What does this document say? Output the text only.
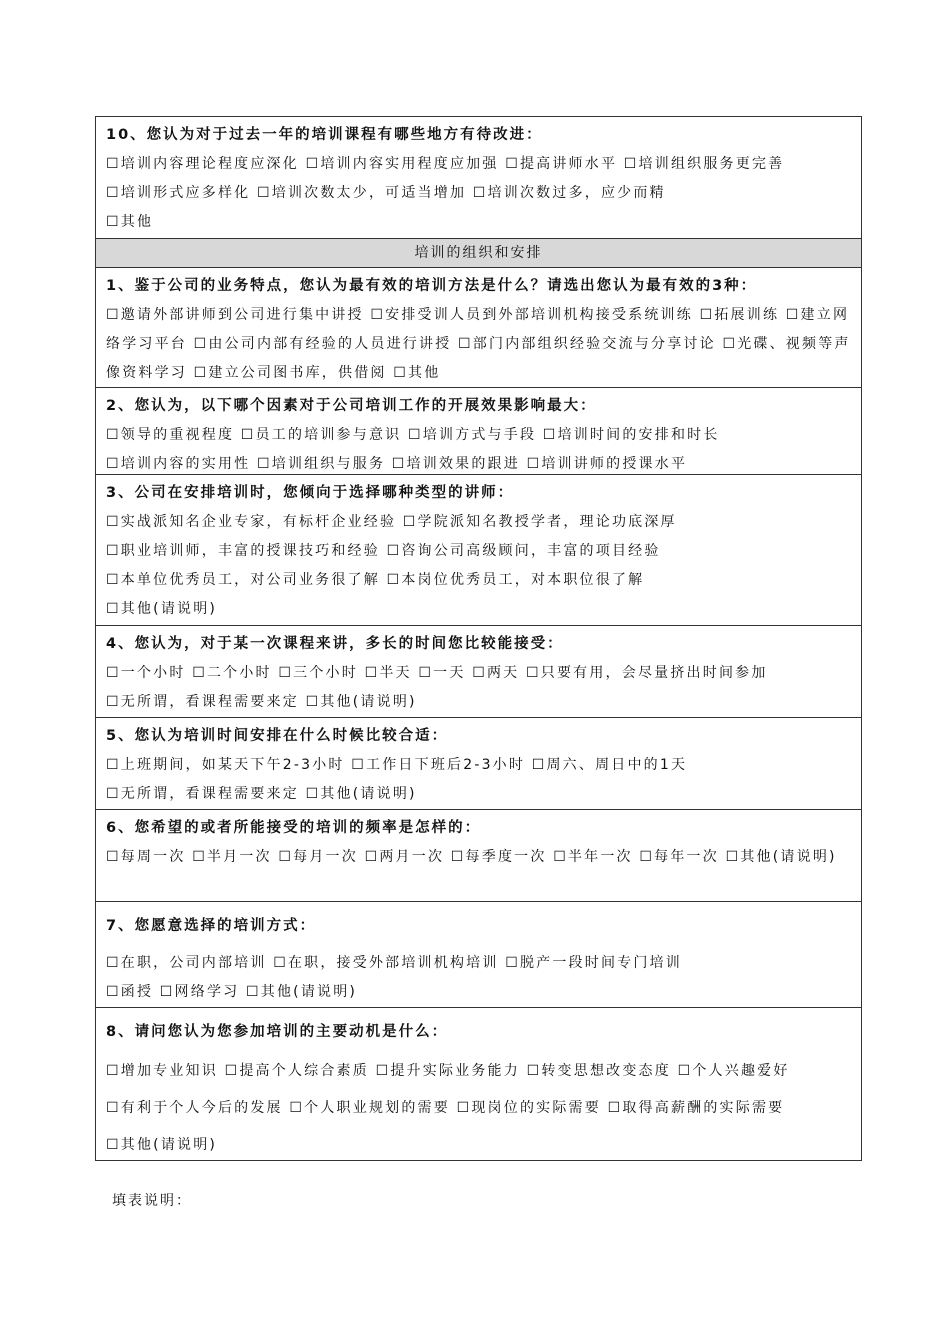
10、您认为对于过去一年的培训课程有哪些地方有待改进：
☐培训内容理论程度应深化 ☐培训内容实用程度应加强 ☐提高讲师水平 ☐培训组织服务更完善
☐培训形式应多样化 ☐培训次数太少，可适当增加 ☐培训次数过多，应少而精
☐其他
培训的组织和安排
1、鉴于公司的业务特点，您认为最有效的培训方法是什么？请选出您认为最有效的3种：
☐邀请外部讲师到公司进行集中讲授 ☐安排受训人员到外部培训机构接受系统训练 ☐拓展训练 ☐建立网络学习平台 ☐由公司内部有经验的人员进行讲授 ☐部门内部组织经验交流与分享讨论 ☐光碟、视频等声像资料学习 ☐建立公司图书库，供借阅 ☐其他
2、您认为，以下哪个因素对于公司培训工作的开展效果影响最大：
☐领导的重视程度 ☐员工的培训参与意识 ☐培训方式与手段 ☐培训时间的安排和时长
☐培训内容的实用性 ☐培训组织与服务 ☐培训效果的跟进 ☐培训讲师的授课水平
3、公司在安排培训时，您倾向于选择哪种类型的讲师：
☐实战派知名企业专家，有标杆企业经验 ☐学院派知名教授学者，理论功底深厚
☐职业培训师，丰富的授课技巧和经验 ☐咨询公司高级顾问，丰富的项目经验
☐本单位优秀员工，对公司业务很了解 ☐本岗位优秀员工，对本职位很了解
☐其他(请说明)
4、您认为，对于某一次课程来讲，多长的时间您比较能接受：
☐一个小时 ☐二个小时 ☐三个小时 ☐半天 ☐一天 ☐两天 ☐只要有用，会尽量挤出时间参加
☐无所谓，看课程需要来定 ☐其他(请说明)
5、您认为培训时间安排在什么时候比较合适：
☐上班期间，如某天下午2-3小时 ☐工作日下班后2-3小时 ☐周六、周日中的1天
☐无所谓，看课程需要来定 ☐其他(请说明)
6、您希望的或者所能接受的培训的频率是怎样的：
☐每周一次 ☐半月一次 ☐每月一次 ☐两月一次 ☐每季度一次 ☐半年一次 ☐每年一次 ☐其他(请说明)
7、您愿意选择的培训方式：
☐在职，公司内部培训 ☐在职，接受外部培训机构培训 ☐脱产一段时间专门培训
☐函授 ☐网络学习 ☐其他(请说明)
8、请问您认为您参加培训的主要动机是什么：
☐增加专业知识 ☐提高个人综合素质 ☐提升实际业务能力 ☐转变思想改变态度 ☐个人兴趣爱好
☐有利于个人今后的发展 ☐个人职业规划的需要 ☐现岗位的实际需要 ☐取得高薪酬的实际需要
☐其他(请说明)
填表说明：
